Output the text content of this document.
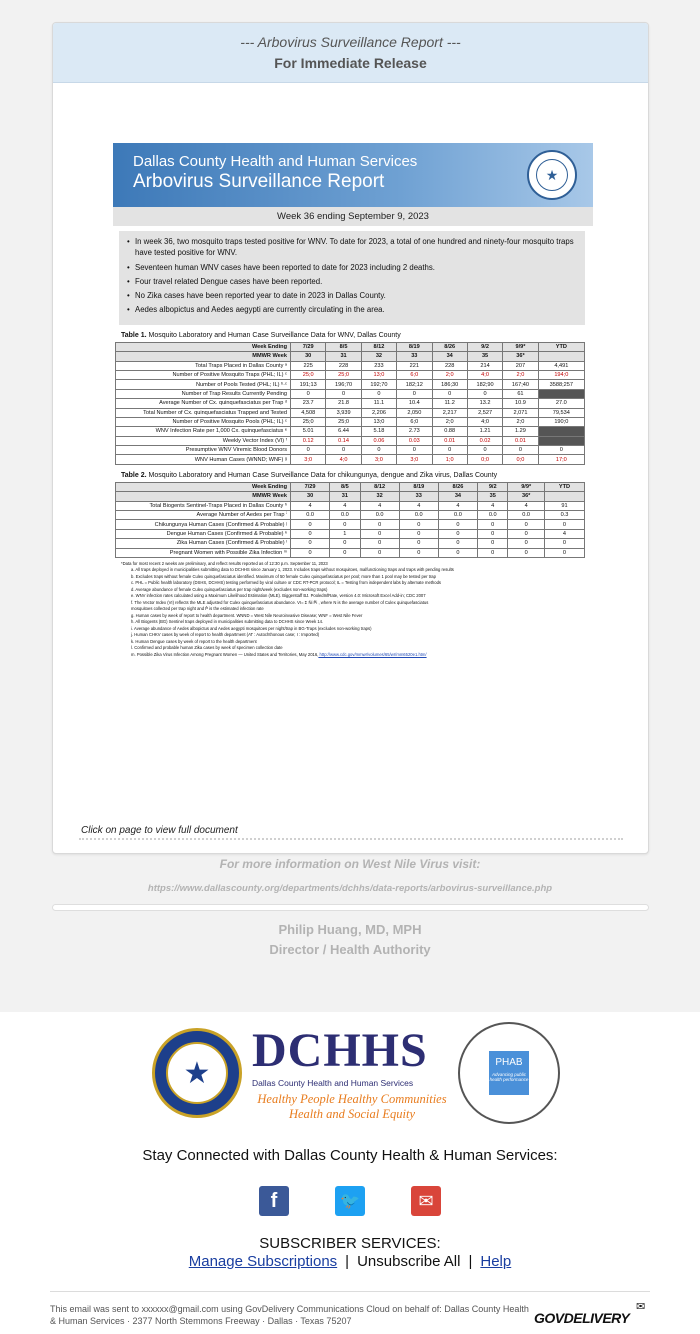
--- Arbovirus Surveillance Report ---
For Immediate Release
Dallas County Health and Human Services
Arbovirus Surveillance Report	★
Week 36 ending September 9, 2023
• In week 36, two mosquito traps tested positive for WNV. To date for 2023, a total of one hundred and ninety-four mosquito traps have tested positive for WNV.
• Seventeen human WNV cases have been reported to date for 2023 including 2 deaths.
• Four travel related Dengue cases have been reported.
• No Zika cases have been reported year to date in 2023 in Dallas County.
• Aedes albopictus and Aedes aegypti are currently circulating in the area.
Table 1. Mosquito Laboratory and Human Case Surveillance Data for WNV, Dallas County
Week Ending	7/29	8/5	8/12	8/19	8/26	9/2	9/9*	YTD
MMWR Week	30	31	32	33	34	35	36*	
Total Traps Placed in Dallas County ᵃ	225	228	233	221	228	214	207	4,491
Number of Positive Mosquito Traps (PHL; IL) ᶜ	25;0	25;0	13;0	6;0	2;0	4;0	2;0	194;0
Number of Pools Tested (PHL; IL) ᵇ·ᶜ	191;13	196;70	192;70	182;12	186;30	182;90	167;40	3588;257
Number of Trap Results Currently Pending	0	0	0	0	0	0	61	
Average Number of Cx. quinquefasciatus per Trap ᵈ	23.7	21.8	11.1	10.4	11.2	13.2	10.9	27.0
Total Number of Cx. quinquefasciatus Trapped and Tested	4,508	3,939	2,206	2,050	2,217	2,527	2,071	79,534
Number of Positive Mosquito Pools (PHL; IL) ᶜ	25;0	25;0	13;0	6;0	2;0	4;0	2;0	190;0
WNV Infection Rate per 1,000 Cx. quinquefasciatus ᵉ	5.01	6.44	5.18	2.73	0.88	1.21	1.29	
Weekly Vector Index (VI) ᶠ	0.12	0.14	0.06	0.03	0.01	0.02	0.01	
Presumptive WNV Viremic Blood Donors	0	0	0	0	0	0	0	0
WNV Human Cases (WNND; WNF) ᵍ	3;0	4;0	3;0	3;0	1;0	0;0	0;0	17;0
Table 2. Mosquito Laboratory and Human Case Surveillance Data for chikungunya, dengue and Zika virus, Dallas County
Week Ending	7/29	8/5	8/12	8/19	8/26	9/2	9/9*	YTD
MMWR Week	30	31	32	33	34	35	36*	
Total Biogents Sentinel-Traps Placed in Dallas County ʰ	4	4	4	4	4	4	4	91
Average Number of Aedes per Trap ⁱ	0.0	0.0	0.0	0.0	0.0	0.0	0.0	0.3
Chikungunya Human Cases (Confirmed & Probable) ʲ	0	0	0	0	0	0	0	0
Dengue Human Cases (Confirmed & Probable) ᵏ	0	1	0	0	0	0	0	4
Zika Human Cases (Confirmed & Probable) ˡ	0	0	0	0	0	0	0	0
Pregnant Women with Possible Zika Infection ᵐ	0	0	0	0	0	0	0	0
*Data for most recent 2 weeks are preliminary, and reflect results reported as of 12:30 p.m. September 11, 2023
a. All traps deployed in municipalities submitting data to DCHHS since January 1, 2023. Includes traps without mosquitoes, malfunctioning traps and traps with pending results
b. Excludes traps without female Culex quinquefasciatus identified. Maximum of 50 female Culex quinquefasciatus per pool; more than 1 pool may be tested per trap
c. PHL = Public health laboratory (DSHS, DCHHS) testing performed by viral culture or CDC RT-PCR protocol; IL = Testing from independent labs by alternate methods
d. Average abundance of female Culex quinquefasciatus per trap night/week (excludes non-working traps)
e. WNV infection rates calculated using a Maximum Likelihood Estimation (MLE). Biggerstaff BJ. PooledInfRate, version 4.0: Microsoft Excel Add-in; CDC 2007
f. The Vector Index (VI) reflects the MLE adjusted for Culex quinquefasciatus abundance. VI= Σ N̄i P̂i , where N is the average number of Culex quinquefasciatus
mosquitoes collected per trap night and P̂ is the estimated infection rate
g. Human cases by week of report to health department. WNND = West Nile Neuroinvasive Disease; WNF = West Nile Fever
h. All Biogents (BG) Sentinel traps deployed in municipalities submitting data to DCHHS since Week 14.
i. Average abundance of Aedes albopictus and Aedes aegypti mosquitoes per night/trap in BG-Traps (excludes non-working traps)
j. Human CHKV cases by week of report to health department (AT : Autochthonous case; I : Imported)
k. Human Dengue cases by week of report to the health department
l. Confirmed and probable human Zika cases by week of specimen collection date
m. Possible Zika Virus Infection Among Pregnant Women — United States and Territories, May 2016, http://www.cdc.gov/mmwr/volumes/65/wr/mm6520e1.htm/
Click on page to view full document
For more information on West Nile Virus visit:
https://www.dallascounty.org/departments/dchhs/data-reports/arbovirus-surveillance.php
Philip Huang, MD, MPH
Director / Health Authority
★ DCHHS
Dallas County Health and Human Services
Healthy People Healthy Communities
Health and Social Equity
PHAB
Advancing public health performance
Stay Connected with Dallas County Health & Human Services:
f	🐦	✉
SUBSCRIBER SERVICES:
Manage Subscriptions | Unsubscribe All | Help
This email was sent to xxxxxx@gmail.com using GovDelivery Communications Cloud on behalf of: Dallas County Health & Human Services · 2377 North Stemmons Freeway · Dallas · Texas 75207	GOVDELIVERY
✉
